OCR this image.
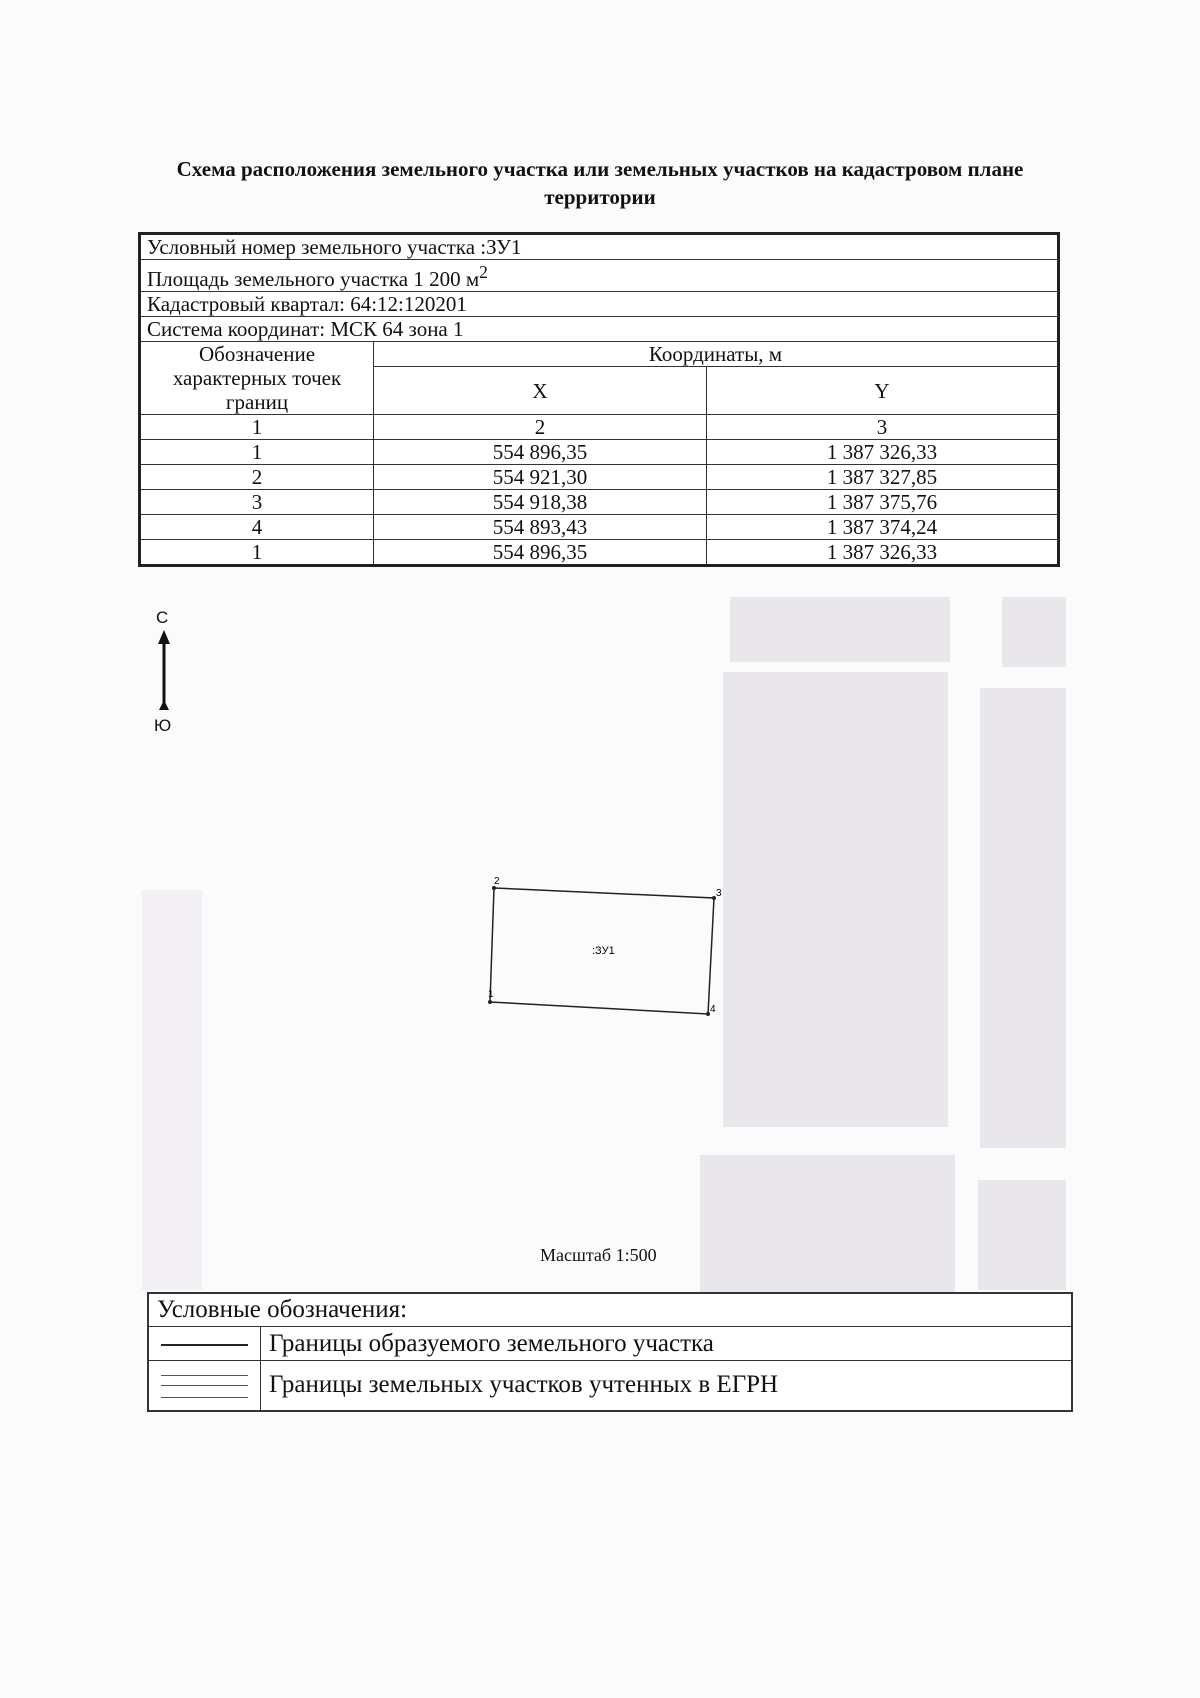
Схема расположения земельного участка или земельных участков на кадастровом плане территории
Условный номер земельного участка :ЗУ1		
Площадь земельного участка 1 200 $м^2$
Кадастровый квартал: 64:12:120201		
Система координат: МСК 64 зона 1		
Обозначение характерных точек границ	Координаты, м	
	X	Y
1	2	3
1	554 896,35	1 387 326,33
2	554 921,30	1 387 327,85
3	554 918,38	1 387 375,76
4	554 893,43	1 387 374,24
1	554 896,35	1 387 326,33
С
Ю
1
2
3
4
:ЗУ1
Масштаб 1:500
Условные обозначения:	

	Границы образуемого земельного участка

	Границы земельных участков учтенных в ЕГРН
